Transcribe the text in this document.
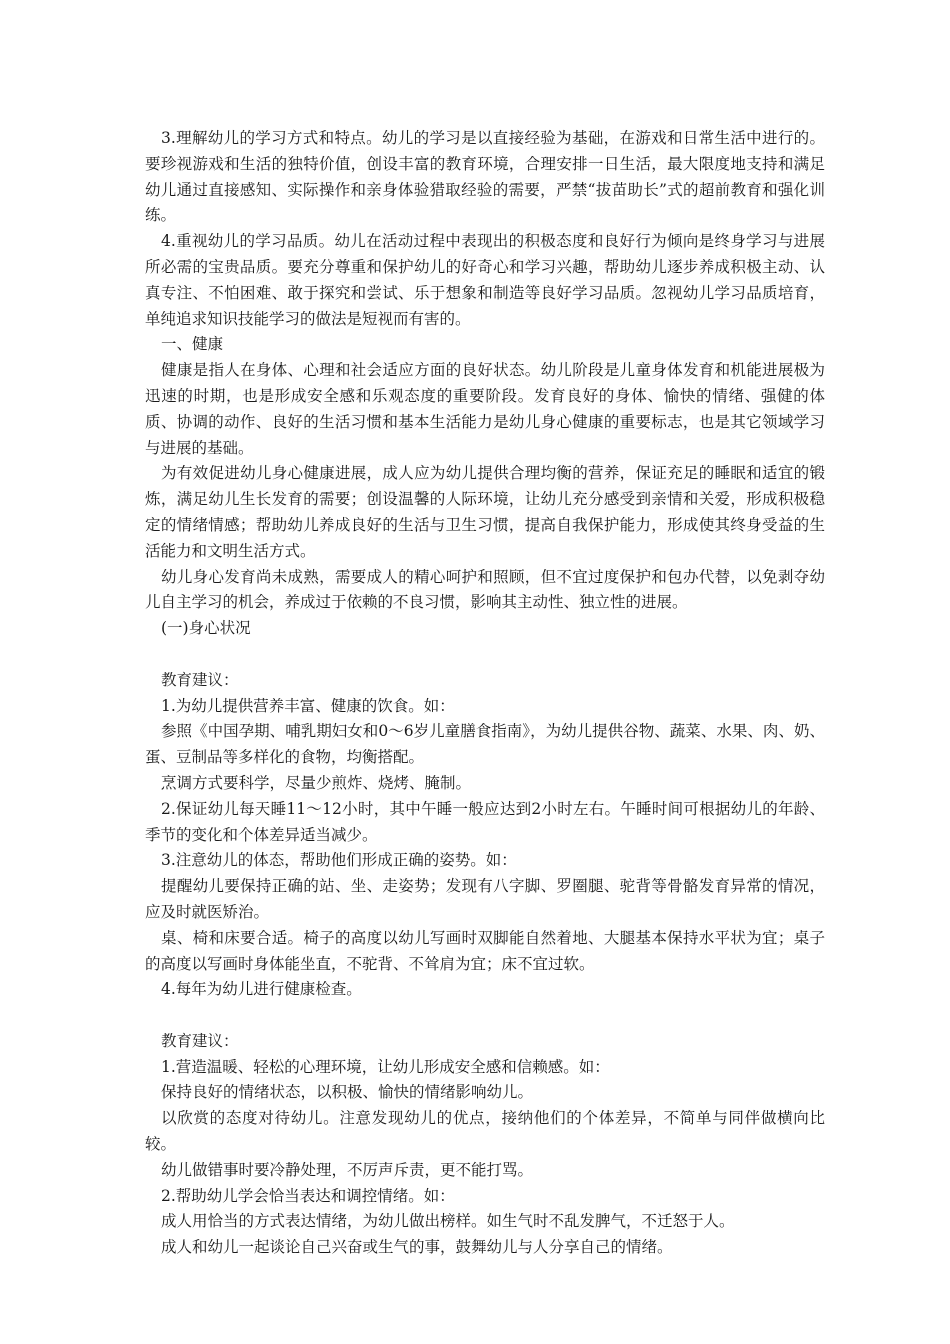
3.理解幼儿的学习方式和特点。幼儿的学习是以直接经验为基础，在游戏和日常生活中进行的。要珍视游戏和生活的独特价值，创设丰富的教育环境，合理安排一日生活，最大限度地支持和满足幼儿通过直接感知、实际操作和亲身体验猎取经验的需要，严禁“拔苗助长”式的超前教育和强化训练。

4.重视幼儿的学习品质。幼儿在活动过程中表现出的积极态度和良好行为倾向是终身学习与进展所必需的宝贵品质。要充分尊重和保护幼儿的好奇心和学习兴趣，帮助幼儿逐步养成积极主动、认真专注、不怕困难、敢于探究和尝试、乐于想象和制造等良好学习品质。忽视幼儿学习品质培育，单纯追求知识技能学习的做法是短视而有害的。

一、健康

健康是指人在身体、心理和社会适应方面的良好状态。幼儿阶段是儿童身体发育和机能进展极为迅速的时期，也是形成安全感和乐观态度的重要阶段。发育良好的身体、愉快的情绪、强健的体质、协调的动作、良好的生活习惯和基本生活能力是幼儿身心健康的重要标志，也是其它领域学习与进展的基础。

为有效促进幼儿身心健康进展，成人应为幼儿提供合理均衡的营养，保证充足的睡眠和适宜的锻炼，满足幼儿生长发育的需要；创设温馨的人际环境，让幼儿充分感受到亲情和关爱，形成积极稳定的情绪情感；帮助幼儿养成良好的生活与卫生习惯，提高自我保护能力，形成使其终身受益的生活能力和文明生活方式。

幼儿身心发育尚未成熟，需要成人的精心呵护和照顾，但不宜过度保护和包办代替，以免剥夺幼儿自主学习的机会，养成过于依赖的不良习惯，影响其主动性、独立性的进展。

(一)身心状况

教育建议：

1.为幼儿提供营养丰富、健康的饮食。如：

参照《中国孕期、哺乳期妇女和0～6岁儿童膳食指南》，为幼儿提供谷物、蔬菜、水果、肉、奶、蛋、豆制品等多样化的食物，均衡搭配。

烹调方式要科学，尽量少煎炸、烧烤、腌制。

2.保证幼儿每天睡11～12小时，其中午睡一般应达到2小时左右。午睡时间可根据幼儿的年龄、季节的变化和个体差异适当减少。

3.注意幼儿的体态，帮助他们形成正确的姿势。如：

提醒幼儿要保持正确的站、坐、走姿势；发现有八字脚、罗圈腿、驼背等骨骼发育异常的情况，应及时就医矫治。

桌、椅和床要合适。椅子的高度以幼儿写画时双脚能自然着地、大腿基本保持水平状为宜；桌子的高度以写画时身体能坐直，不驼背、不耸肩为宜；床不宜过软。

4.每年为幼儿进行健康检查。

教育建议：

1.营造温暖、轻松的心理环境，让幼儿形成安全感和信赖感。如：

保持良好的情绪状态，以积极、愉快的情绪影响幼儿。

以欣赏的态度对待幼儿。注意发现幼儿的优点，接纳他们的个体差异，不简单与同伴做横向比较。

幼儿做错事时要冷静处理，不厉声斥责，更不能打骂。

2.帮助幼儿学会恰当表达和调控情绪。如：

成人用恰当的方式表达情绪，为幼儿做出榜样。如生气时不乱发脾气，不迁怒于人。

成人和幼儿一起谈论自己兴奋或生气的事，鼓舞幼儿与人分享自己的情绪。
